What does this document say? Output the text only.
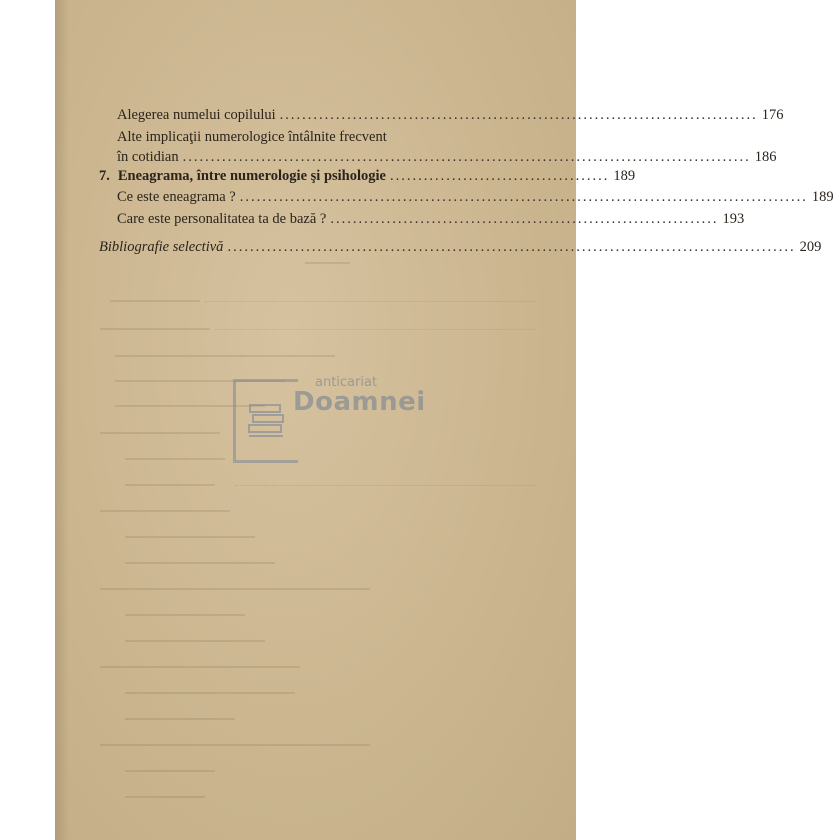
Alegerea numelui copilului ..................................................................................... 176
Alte implicaţii numerologice întâlnite frecvent
în cotidian ..................................................................................................... 186
7. Eneagrama, între numerologie şi psihologie ....................................... 189
Ce este eneagrama ? ..................................................................................................... 189
Care este personalitatea ta de bază ? ..................................................................... 193
Bibliografie selectivă ..................................................................................................... 209
anticariat
Doamnei
